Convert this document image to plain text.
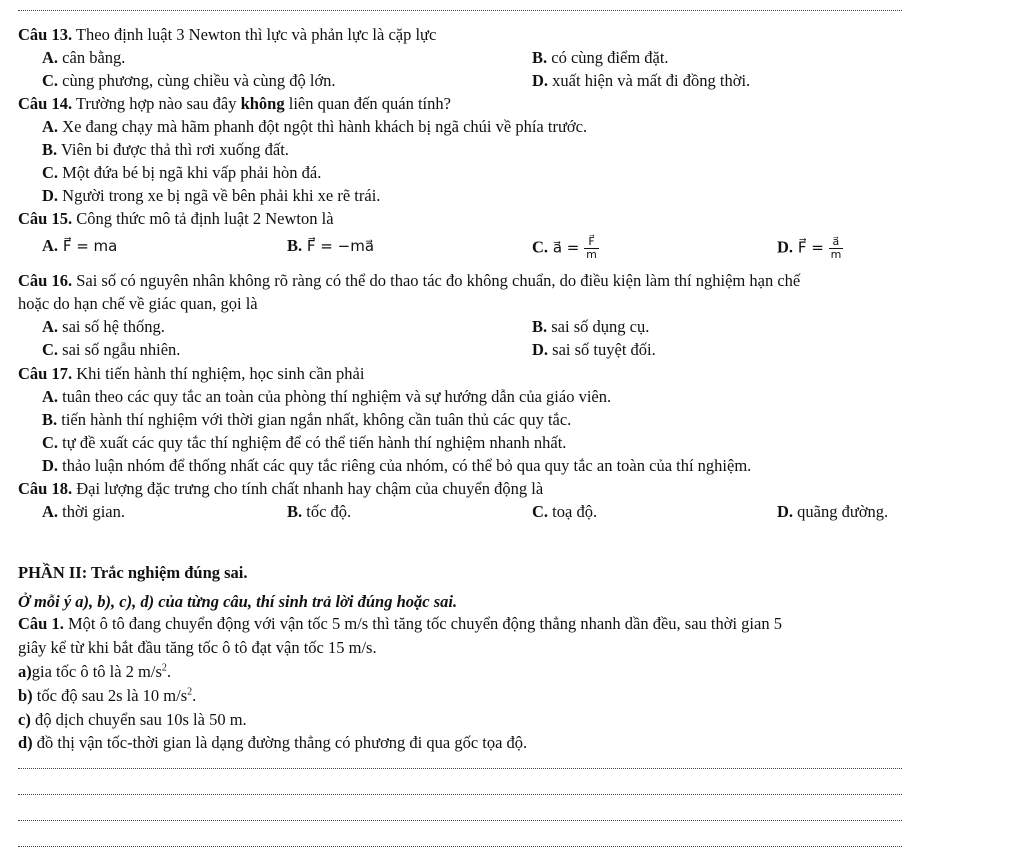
Câu 13. Theo định luật 3 Newton thì lực và phản lực là cặp lực
A. cân bằng.	B. có cùng điểm đặt.
C. cùng phương, cùng chiều và cùng độ lớn.	D. xuất hiện và mất đi đồng thời.
Câu 14. Trường hợp nào sau đây không liên quan đến quán tính?
A. Xe đang chạy mà hãm phanh đột ngột thì hành khách bị ngã chúi về phía trước.
B. Viên bi được thả thì rơi xuống đất.
C. Một đứa bé bị ngã khi vấp phải hòn đá.
D. Người trong xe bị ngã về bên phải khi xe rẽ trái.
Câu 15. Công thức mô tả định luật 2 Newton là
A. F⃗ = ma	B. F⃗ = −ma⃗	C. a⃗ = $\frac{F⃗}{m}$	D. F⃗ = $\frac{a⃗}{m}$
Câu 16. Sai số có nguyên nhân không rõ ràng có thể do thao tác đo không chuẩn, do điều kiện làm thí nghiệm hạn chế
hoặc do hạn chế về giác quan, gọi là
A. sai số hệ thống.	B. sai số dụng cụ.
C. sai số ngẫu nhiên.	D. sai số tuyệt đối.
Câu 17. Khi tiến hành thí nghiệm, học sinh cần phải
A. tuân theo các quy tắc an toàn của phòng thí nghiệm và sự hướng dẫn của giáo viên.
B. tiến hành thí nghiệm với thời gian ngắn nhất, không cần tuân thủ các quy tắc.
C. tự đề xuất các quy tắc thí nghiệm để có thể tiến hành thí nghiệm nhanh nhất.
D. thảo luận nhóm để thống nhất các quy tắc riêng của nhóm, có thể bỏ qua quy tắc an toàn của thí nghiệm.
Câu 18. Đại lượng đặc trưng cho tính chất nhanh hay chậm của chuyển động là
A. thời gian.	B. tốc độ.	C. toạ độ.	D. quãng đường.
PHẦN II: Trắc nghiệm đúng sai.
Ở mỗi ý a), b), c), d) của từng câu, thí sinh trả lời đúng hoặc sai.
Câu 1. Một ô tô đang chuyển động với vận tốc 5 m/s thì tăng tốc chuyển động thẳng nhanh dần đều, sau thời gian 5
giây kể từ khi bắt đầu tăng tốc ô tô đạt vận tốc 15 m/s.
a)gia tốc ô tô là 2 $m/s^2$.
b) tốc độ sau 2s là 10 $m/s^2$.
c) độ dịch chuyển sau 10s là 50 m.
d) đồ thị vận tốc-thời gian là dạng đường thẳng có phương đi qua gốc tọa độ.
